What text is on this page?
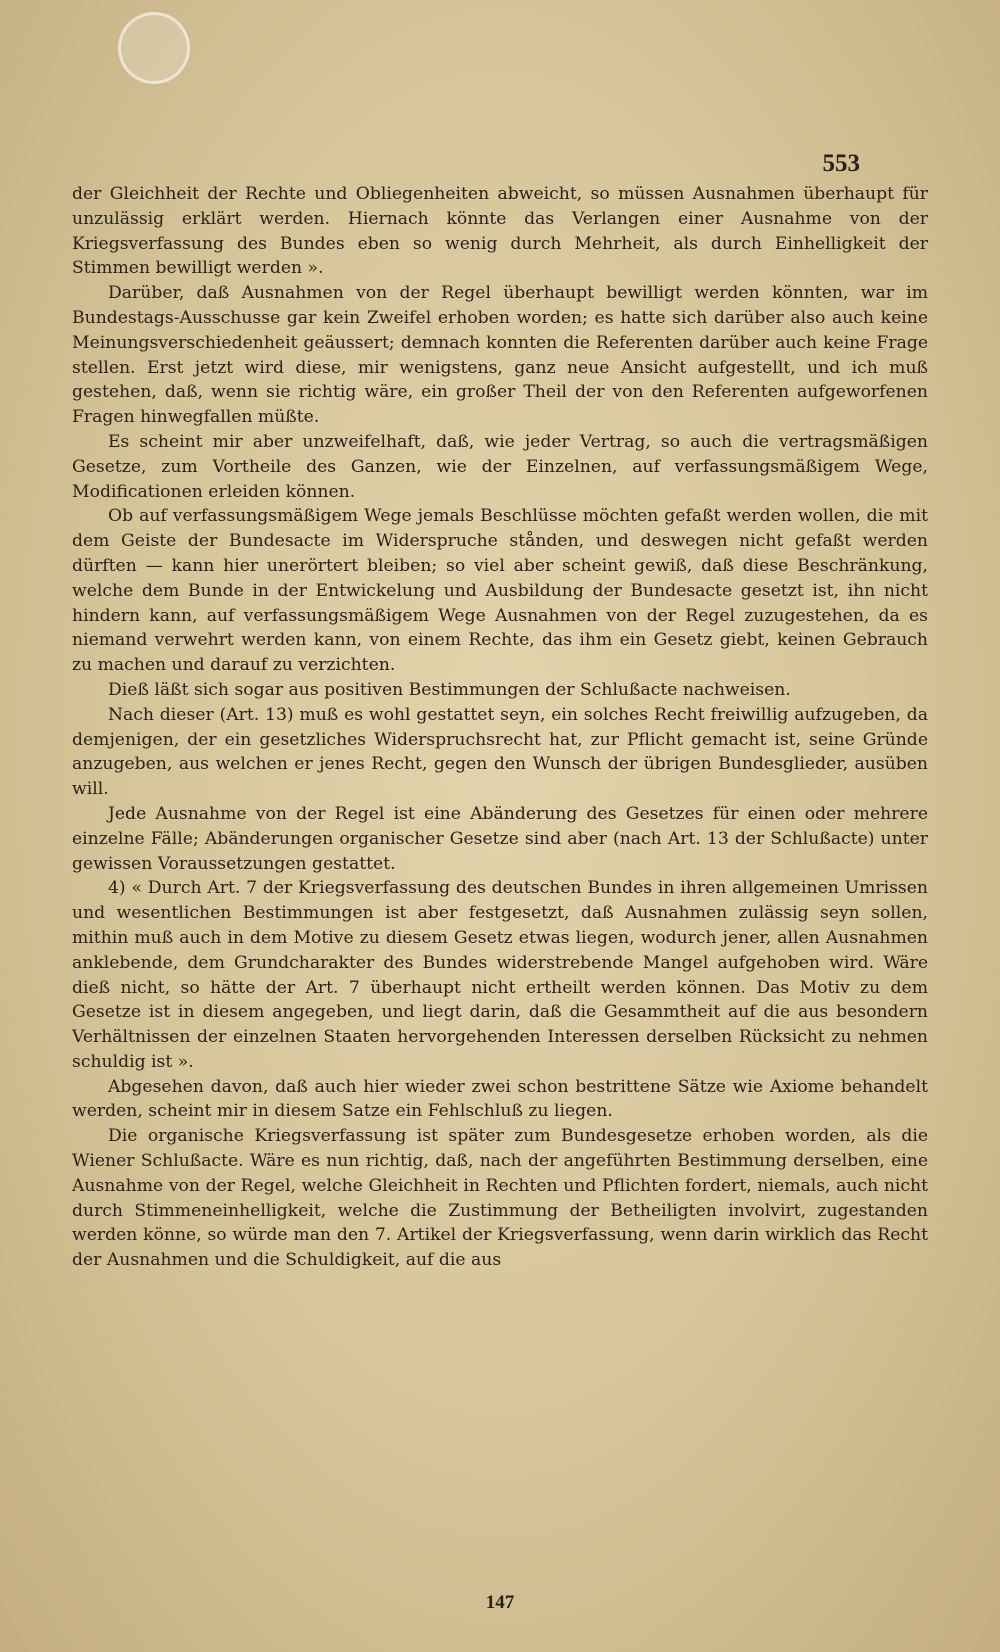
553

der Gleichheit der Rechte und Obliegenheiten abweicht, so müssen Ausnahmen überhaupt für unzulässig erklärt werden. Hiernach könnte das Verlangen einer Ausnahme von der Kriegsverfassung des Bundes eben so wenig durch Mehrheit, als durch Einhelligkeit der Stimmen bewilligt werden ».

Darüber, daß Ausnahmen von der Regel überhaupt bewilligt werden könnten, war im Bundestags-Ausschusse gar kein Zweifel erhoben worden; es hatte sich darüber also auch keine Meinungsverschiedenheit geäussert; demnach konnten die Referenten darüber auch keine Frage stellen. Erst jetzt wird diese, mir wenigstens, ganz neue Ansicht aufgestellt, und ich muß gestehen, daß, wenn sie richtig wäre, ein großer Theil der von den Referenten aufgeworfenen Fragen hinwegfallen müßte.

Es scheint mir aber unzweifelhaft, daß, wie jeder Vertrag, so auch die vertragsmäßigen Gesetze, zum Vortheile des Ganzen, wie der Einzelnen, auf verfassungsmäßigem Wege, Modificationen erleiden können.

Ob auf verfassungsmäßigem Wege jemals Beschlüsse möchten gefaßt werden wollen, die mit dem Geiste der Bundesacte im Widerspruche stånden, und deswegen nicht gefaßt werden dürften — kann hier unerörtert bleiben; so viel aber scheint gewiß, daß diese Beschränkung, welche dem Bunde in der Entwickelung und Ausbildung der Bundesacte gesetzt ist, ihn nicht hindern kann, auf verfassungsmäßigem Wege Ausnahmen von der Regel zuzugestehen, da es niemand verwehrt werden kann, von einem Rechte, das ihm ein Gesetz giebt, keinen Gebrauch zu machen und darauf zu verzichten.

Dieß läßt sich sogar aus positiven Bestimmungen der Schlußacte nachweisen.

Nach dieser (Art. 13) muß es wohl gestattet seyn, ein solches Recht freiwillig aufzugeben, da demjenigen, der ein gesetzliches Widerspruchsrecht hat, zur Pflicht gemacht ist, seine Gründe anzugeben, aus welchen er jenes Recht, gegen den Wunsch der übrigen Bundesglieder, ausüben will.

Jede Ausnahme von der Regel ist eine Abänderung des Gesetzes für einen oder mehrere einzelne Fälle; Abänderungen organischer Gesetze sind aber (nach Art. 13 der Schlußacte) unter gewissen Voraussetzungen gestattet.

4) « Durch Art. 7 der Kriegsverfassung des deutschen Bundes in ihren allgemeinen Umrissen und wesentlichen Bestimmungen ist aber festgesetzt, daß Ausnahmen zulässig seyn sollen, mithin muß auch in dem Motive zu diesem Gesetz etwas liegen, wodurch jener, allen Ausnahmen anklebende, dem Grundcharakter des Bundes widerstrebende Mangel aufgehoben wird. Wäre dieß nicht, so hätte der Art. 7 überhaupt nicht ertheilt werden können. Das Motiv zu dem Gesetze ist in diesem angegeben, und liegt darin, daß die Gesammtheit auf die aus besondern Verhältnissen der einzelnen Staaten hervorgehenden Interessen derselben Rücksicht zu nehmen schuldig ist ».

Abgesehen davon, daß auch hier wieder zwei schon bestrittene Sätze wie Axiome behandelt werden, scheint mir in diesem Satze ein Fehlschluß zu liegen.

Die organische Kriegsverfassung ist später zum Bundesgesetze erhoben worden, als die Wiener Schlußacte. Wäre es nun richtig, daß, nach der angeführten Bestimmung derselben, eine Ausnahme von der Regel, welche Gleichheit in Rechten und Pflichten fordert, niemals, auch nicht durch Stimmeneinhelligkeit, welche die Zustimmung der Betheiligten involvirt, zugestanden werden könne, so würde man den 7. Artikel der Kriegsverfassung, wenn darin wirklich das Recht der Ausnahmen und die Schuldigkeit, auf die aus

147
